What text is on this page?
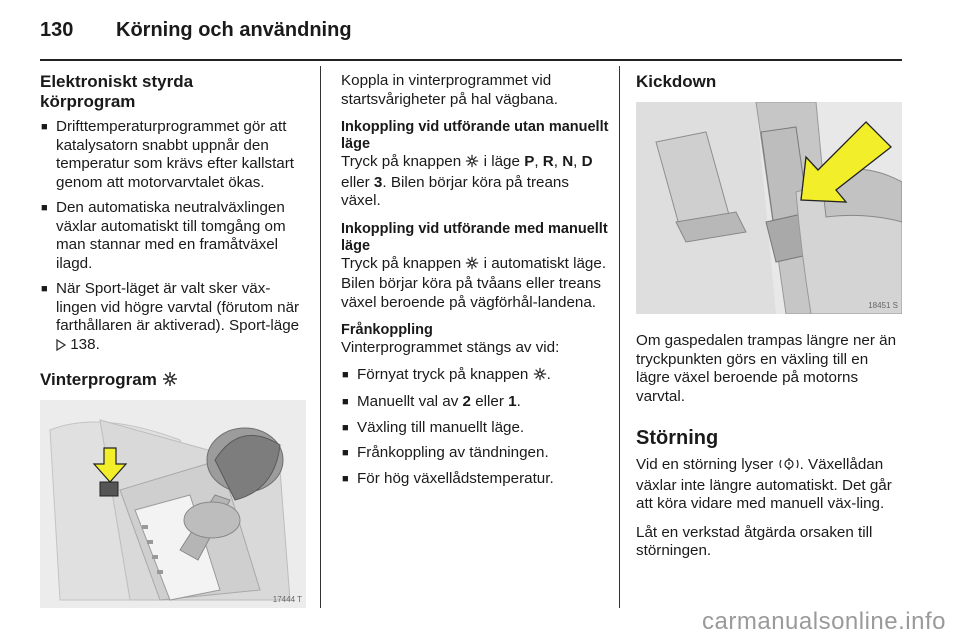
130 Körning och användning
Elektroniskt styrda körprogram
■ Drifttemperaturprogrammet gör att katalysatorn snabbt uppnår den temperatur som krävs efter kallstart genom att motorvarvtalet ökas.
■ Den automatiska neutralväxlingen växlar automatiskt till tomgång om man stannar med en framåtväxel ilagd.
■ När Sport-läget är valt sker väx-lingen vid högre varvtal (förutom när farthållaren är aktiverad). Sport-läge  138.
Vinterprogram
17444 T

Koppla in vinterprogrammet vid startsvårigheter på hal vägbana.

Inkoppling vid utförande utan manuellt läge

Tryck på knappen i läge P, R, N, D eller 3. Bilen börjar köra på treans växel.

Inkoppling vid utförande med manuellt läge

Tryck på knappen i automatiskt läge. Bilen börjar köra på tvåans eller treans växel beroende på vägförhål-landena.

Frånkoppling

Vinterprogrammet stängs av vid:

■ Förnyat tryck på knappen .
■ Manuellt val av 2 eller 1.
■ Växling till manuellt läge.
■ Frånkoppling av tändningen.
■ För hög växellådstemperatur.
Kickdown
18451 S

Om gaspedalen trampas längre ner än tryckpunkten görs en växling till en lägre växel beroende på motorns varvtal.

Störning

Vid en störning lyser . Växellådan växlar inte längre automatiskt. Det går att köra vidare med manuell väx-ling.

Låt en verkstad åtgärda orsaken till störningen.

carmanualsonline.info
